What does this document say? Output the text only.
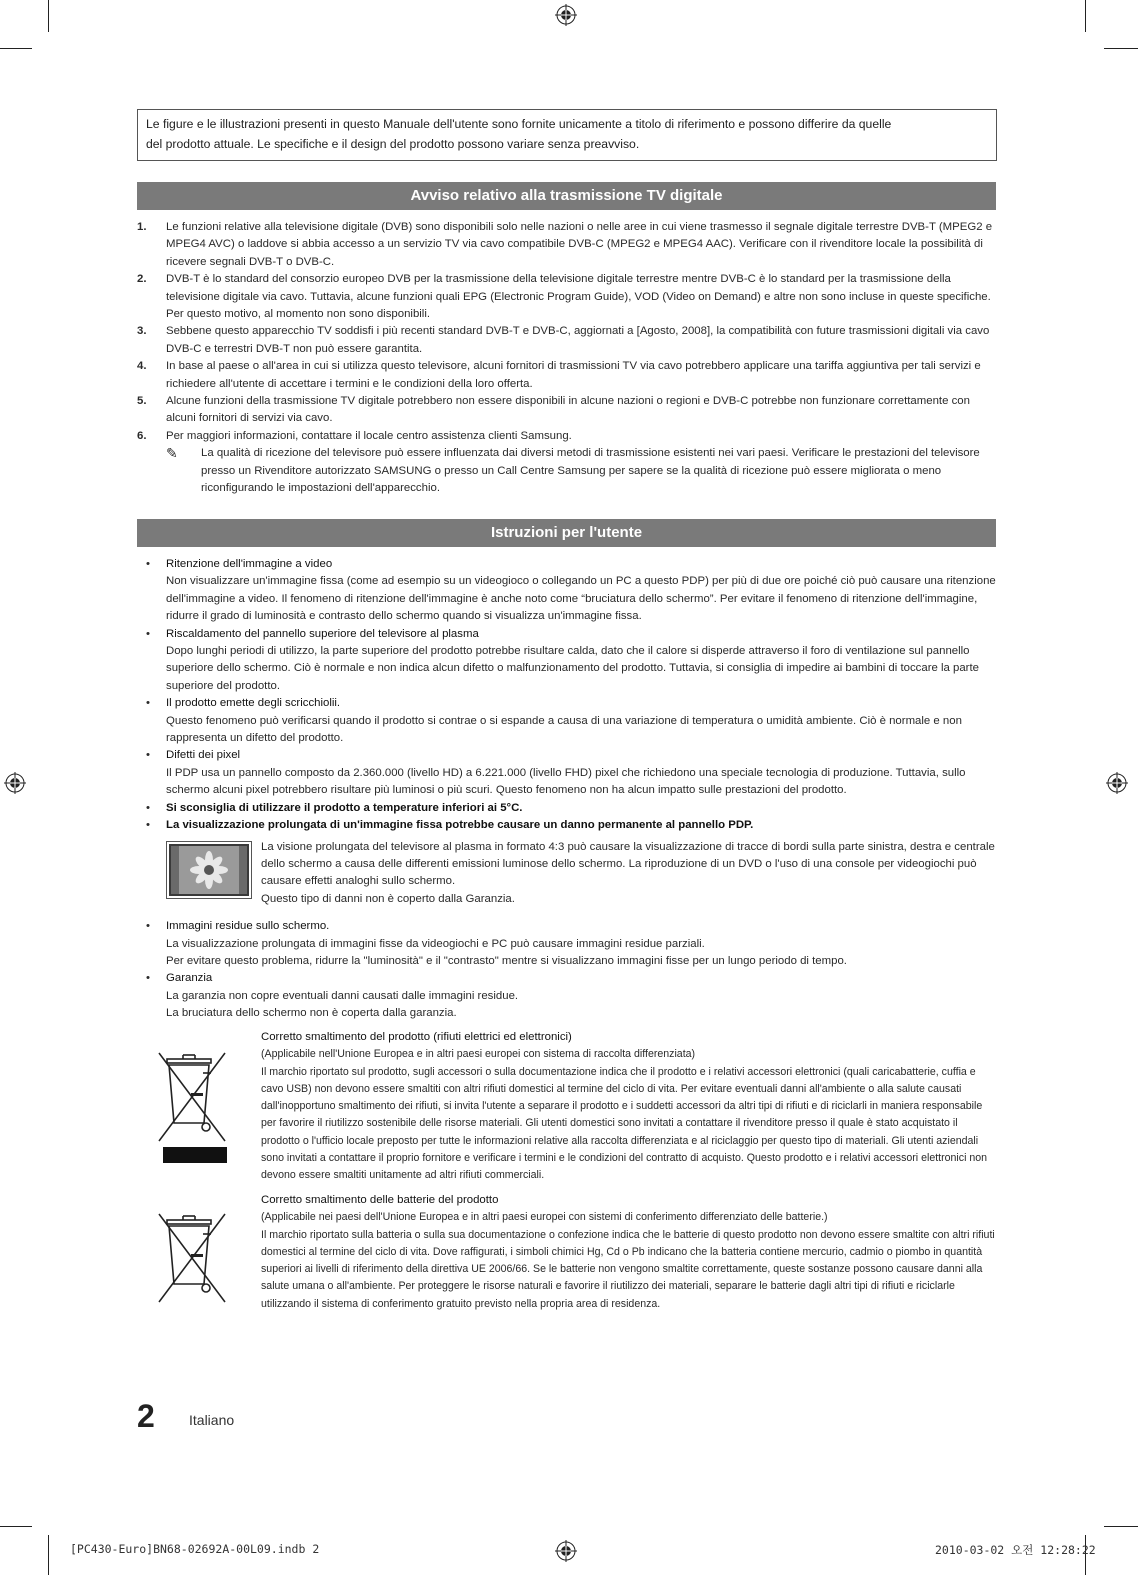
Le figure e le illustrazioni presenti in questo Manuale dell'utente sono fornite unicamente a titolo di riferimento e possono differire da quelle
del prodotto attuale. Le specifiche e il design del prodotto possono variare senza preavviso.
Avviso relativo alla trasmissione TV digitale
1. Le funzioni relative alla televisione digitale (DVB) sono disponibili solo nelle nazioni o nelle aree in cui viene trasmesso il segnale digitale terrestre DVB-T (MPEG2 e MPEG4 AVC) o laddove si abbia accesso a un servizio TV via cavo compatibile DVB-C (MPEG2 e MPEG4 AAC). Verificare con il rivenditore locale la possibilità di ricevere segnali DVB-T o DVB-C.
2. DVB-T è lo standard del consorzio europeo DVB per la trasmissione della televisione digitale terrestre mentre DVB-C è lo standard per la trasmissione della televisione digitale via cavo. Tuttavia, alcune funzioni quali EPG (Electronic Program Guide), VOD (Video on Demand) e altre non sono incluse in queste specifiche. Per questo motivo, al momento non sono disponibili.
3. Sebbene questo apparecchio TV soddisfi i più recenti standard DVB-T e DVB-C, aggiornati a [Agosto, 2008], la compatibilità con future trasmissioni digitali via cavo DVB-C e terrestri DVB-T non può essere garantita.
4. In base al paese o all'area in cui si utilizza questo televisore, alcuni fornitori di trasmissioni TV via cavo potrebbero applicare una tariffa aggiuntiva per tali servizi e richiedere all'utente di accettare i termini e le condizioni della loro offerta.
5. Alcune funzioni della trasmissione TV digitale potrebbero non essere disponibili in alcune nazioni o regioni e DVB-C potrebbe non funzionare correttamente con alcuni fornitori di servizi via cavo.
6. Per maggiori informazioni, contattare il locale centro assistenza clienti Samsung.
✎ La qualità di ricezione del televisore può essere influenzata dai diversi metodi di trasmissione esistenti nei vari paesi. Verificare le prestazioni del televisore presso un Rivenditore autorizzato SAMSUNG o presso un Call Centre Samsung per sapere se la qualità di ricezione può essere migliorata o meno riconfigurando le impostazioni dell'apparecchio.
Istruzioni per l'utente
• Ritenzione dell'immagine a video
Non visualizzare un'immagine fissa (come ad esempio su un videogioco o collegando un PC a questo PDP) per più di due ore poiché ciò può causare una ritenzione dell'immagine a video. Il fenomeno di ritenzione dell'immagine è anche noto come “bruciatura dello schermo”. Per evitare il fenomeno di ritenzione dell'immagine, ridurre il grado di luminosità e contrasto dello schermo quando si visualizza un'immagine fissa.
• Riscaldamento del pannello superiore del televisore al plasma
Dopo lunghi periodi di utilizzo, la parte superiore del prodotto potrebbe risultare calda, dato che il calore si disperde attraverso il foro di ventilazione sul pannello superiore dello schermo. Ciò è normale e non indica alcun difetto o malfunzionamento del prodotto. Tuttavia, si consiglia di impedire ai bambini di toccare la parte superiore del prodotto.
• Il prodotto emette degli scricchiolii.
Questo fenomeno può verificarsi quando il prodotto si contrae o si espande a causa di una variazione di temperatura o umidità ambiente. Ciò è normale e non rappresenta un difetto del prodotto.
• Difetti dei pixel
Il PDP usa un pannello composto da 2.360.000 (livello HD) a 6.221.000 (livello FHD) pixel che richiedono una speciale tecnologia di produzione. Tuttavia, sullo schermo alcuni pixel potrebbero risultare più luminosi o più scuri. Questo fenomeno non ha alcun impatto sulle prestazioni del prodotto.
• Si sconsiglia di utilizzare il prodotto a temperature inferiori ai 5°C.
• La visualizzazione prolungata di un'immagine fissa potrebbe causare un danno permanente al pannello PDP.
La visione prolungata del televisore al plasma in formato 4:3 può causare la visualizzazione di tracce di bordi sulla parte sinistra, destra e centrale dello schermo a causa delle differenti emissioni luminose dello schermo. La riproduzione di un DVD o l'uso di una console per videogiochi può causare effetti analoghi sullo schermo.
Questo tipo di danni non è coperto dalla Garanzia.
• Immagini residue sullo schermo.
La visualizzazione prolungata di immagini fisse da videogiochi e PC può causare immagini residue parziali.
Per evitare questo problema, ridurre la "luminosità" e il "contrasto" mentre si visualizzano immagini fisse per un lungo periodo di tempo.
• Garanzia
La garanzia non copre eventuali danni causati dalle immagini residue.
La bruciatura dello schermo non è coperta dalla garanzia.
Corretto smaltimento del prodotto (rifiuti elettrici ed elettronici)
(Applicabile nell'Unione Europea e in altri paesi europei con sistema di raccolta differenziata)
Il marchio riportato sul prodotto, sugli accessori o sulla documentazione indica che il prodotto e i relativi accessori elettronici (quali caricabatterie, cuffia e cavo USB) non devono essere smaltiti con altri rifiuti domestici al termine del ciclo di vita. Per evitare eventuali danni all'ambiente o alla salute causati dall'inopportuno smaltimento dei rifiuti, si invita l'utente a separare il prodotto e i suddetti accessori da altri tipi di rifiuti e di riciclarli in maniera responsabile per favorire il riutilizzo sostenibile delle risorse materiali. Gli utenti domestici sono invitati a contattare il rivenditore presso il quale è stato acquistato il prodotto o l'ufficio locale preposto per tutte le informazioni relative alla raccolta differenziata e al riciclaggio per questo tipo di materiali. Gli utenti aziendali sono invitati a contattare il proprio fornitore e verificare i termini e le condizioni del contratto di acquisto. Questo prodotto e i relativi accessori elettronici non devono essere smaltiti unitamente ad altri rifiuti commerciali.
Corretto smaltimento delle batterie del prodotto
(Applicabile nei paesi dell'Unione Europea e in altri paesi europei con sistemi di conferimento differenziato delle batterie.)
Il marchio riportato sulla batteria o sulla sua documentazione o confezione indica che le batterie di questo prodotto non devono essere smaltite con altri rifiuti domestici al termine del ciclo di vita. Dove raffigurati, i simboli chimici Hg, Cd o Pb indicano che la batteria contiene mercurio, cadmio o piombo in quantità superiori ai livelli di riferimento della direttiva UE 2006/66. Se le batterie non vengono smaltite correttamente, queste sostanze possono causare danni alla salute umana o all'ambiente. Per proteggere le risorse naturali e favorire il riutilizzo dei materiali, separare le batterie dagli altri tipi di rifiuti e riciclarle utilizzando il sistema di conferimento gratuito previsto nella propria area di residenza.
2 Italiano
[PC430-Euro]BN68-02692A-00L09.indb 2	2010-03-02 오전 12:28:22
